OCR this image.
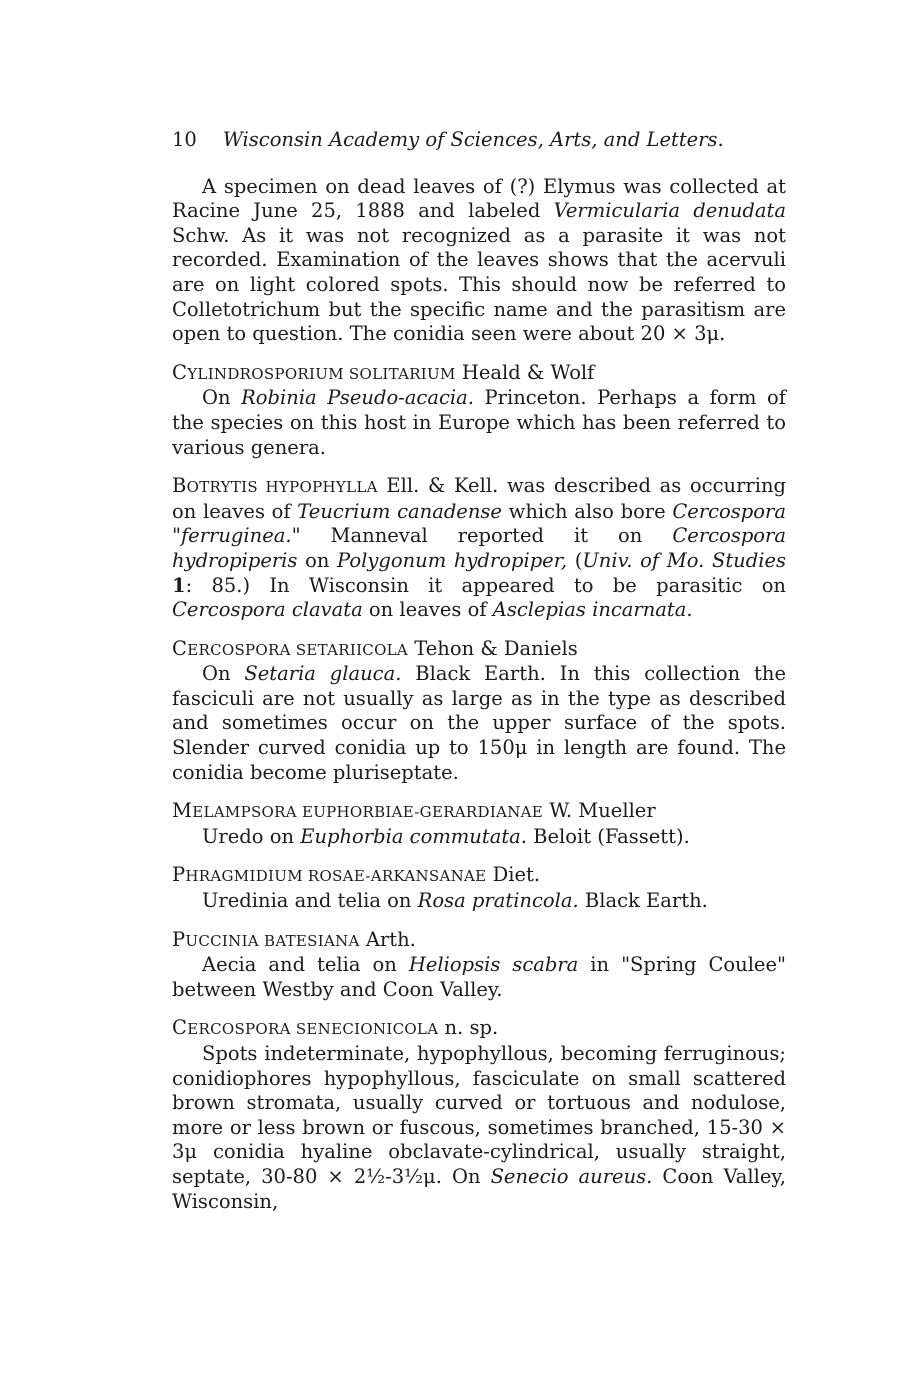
10 Wisconsin Academy of Sciences, Arts, and Letters.

A specimen on dead leaves of (?) Elymus was collected at Racine June 25, 1888 and labeled Vermicularia denudata Schw. As it was not recognized as a parasite it was not recorded. Examination of the leaves shows that the acervuli are on light colored spots. This should now be referred to Colletotrichum but the specific name and the parasitism are open to question. The conidia seen were about 20 × 3μ.

CYLINDROSPORIUM SOLITARIUM Heald & Wolf

On Robinia Pseudo-acacia. Princeton. Perhaps a form of the species on this host in Europe which has been referred to various genera.

BOTRYTIS HYPOPHYLLA Ell. & Kell. was described as occurring on leaves of Teucrium canadense which also bore Cercospora "ferruginea." Manneval reported it on Cercospora hydropiperis on Polygonum hydropiper, (Univ. of Mo. Studies 1: 85.) In Wisconsin it appeared to be parasitic on Cercospora clavata on leaves of Asclepias incarnata.

CERCOSPORA SETARIICOLA Tehon & Daniels

On Setaria glauca. Black Earth. In this collection the fasciculi are not usually as large as in the type as described and sometimes occur on the upper surface of the spots. Slender curved conidia up to 150μ in length are found. The conidia become pluriseptate.

MELAMPSORA EUPHORBIAE-GERARDIANAE W. Mueller

Uredo on Euphorbia commutata. Beloit (Fassett).

PHRAGMIDIUM ROSAE-ARKANSANAE Diet.

Uredinia and telia on Rosa pratincola. Black Earth.

PUCCINIA BATESIANA Arth.

Aecia and telia on Heliopsis scabra in "Spring Coulee" between Westby and Coon Valley.

CERCOSPORA SENECIONICOLA n. sp.

Spots indeterminate, hypophyllous, becoming ferruginous; conidiophores hypophyllous, fasciculate on small scattered brown stromata, usually curved or tortuous and nodulose, more or less brown or fuscous, sometimes branched, 15-30 × 3μ conidia hyaline obclavate-cylindrical, usually straight, septate, 30-80 × 2½-3½μ. On Senecio aureus. Coon Valley, Wisconsin,
